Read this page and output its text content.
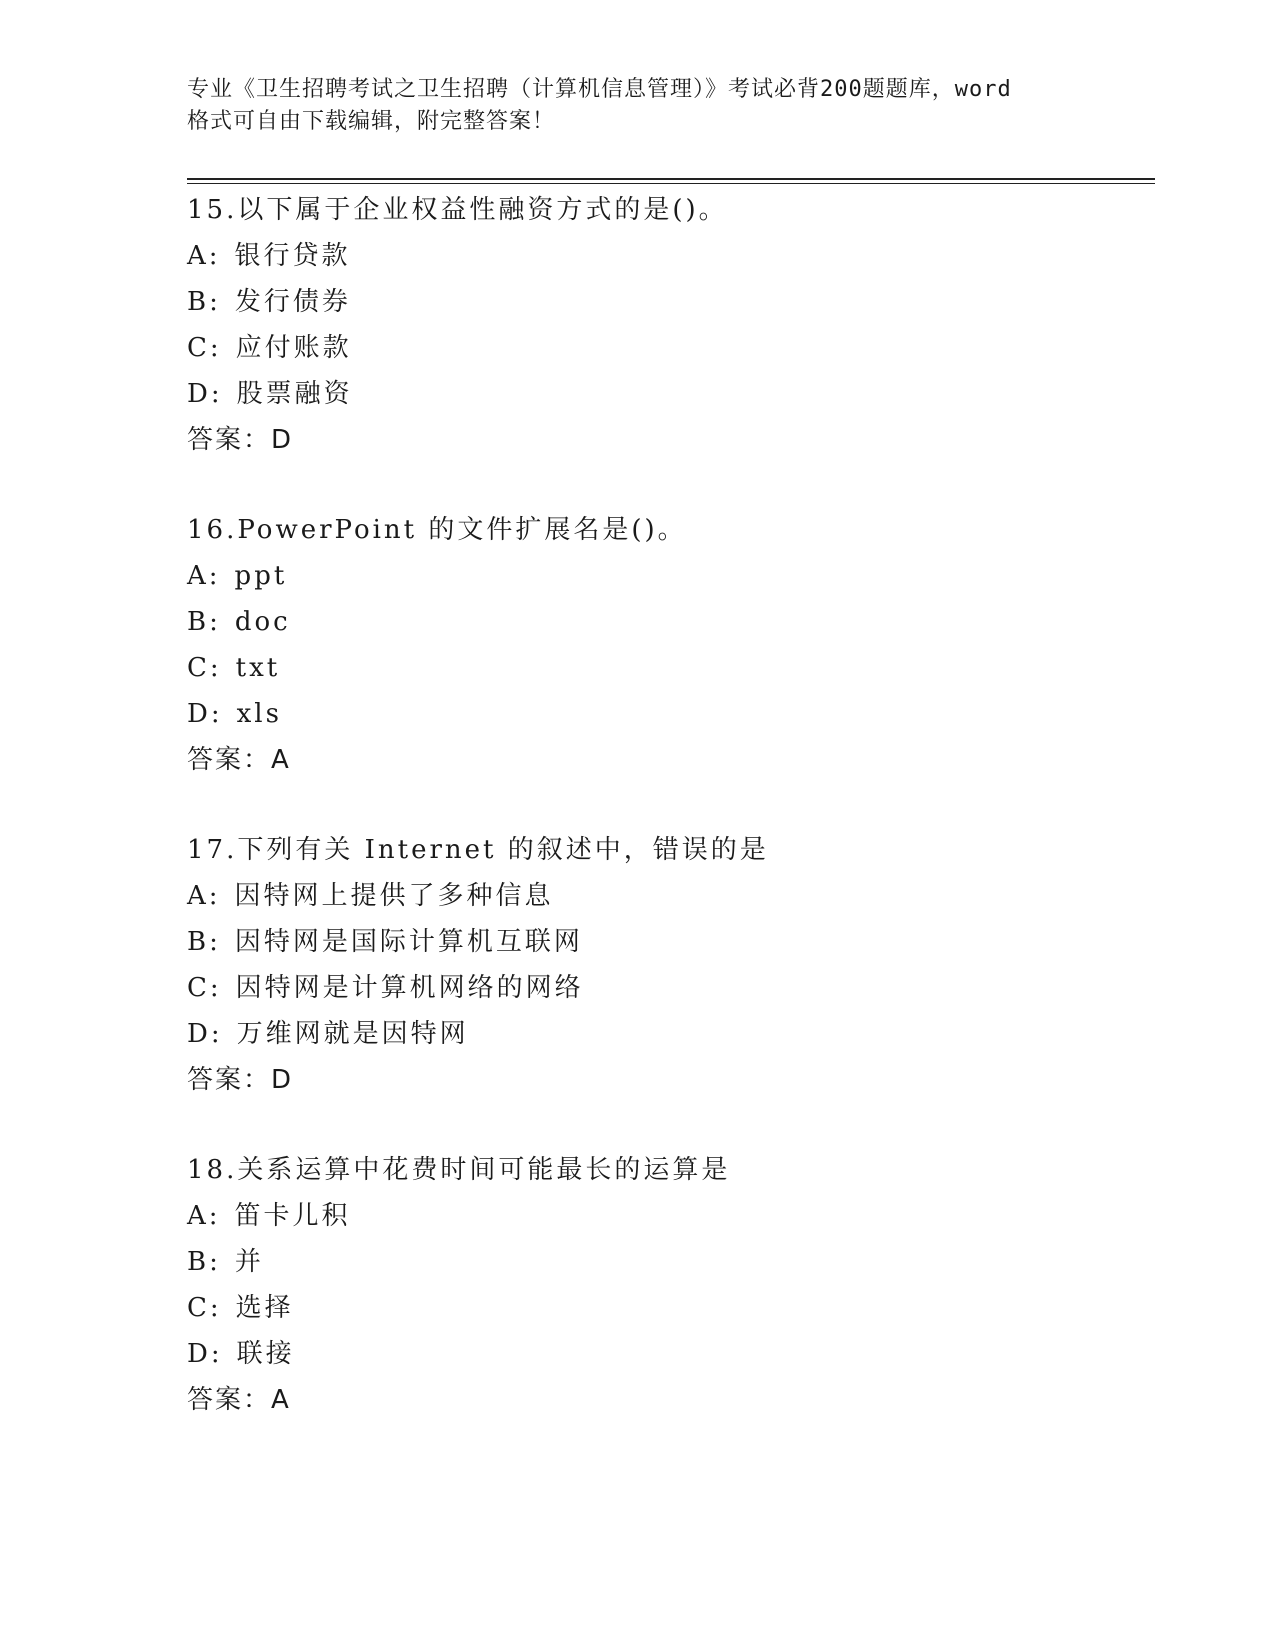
专业《卫生招聘考试之卫生招聘（计算机信息管理）》考试必背200题题库，word
格式可自由下载编辑，附完整答案！
15.以下属于企业权益性融资方式的是()。
A: 银行贷款
B: 发行债券
C: 应付账款
D: 股票融资
答案：D
16.PowerPoint 的文件扩展名是()。
A: ppt
B: doc
C: txt
D: xls
答案：A
17.下列有关 Internet 的叙述中，错误的是
A: 因特网上提供了多种信息
B: 因特网是国际计算机互联网
C: 因特网是计算机网络的网络
D: 万维网就是因特网
答案：D
18.关系运算中花费时间可能最长的运算是
A: 笛卡儿积
B: 并
C: 选择
D: 联接
答案：A
